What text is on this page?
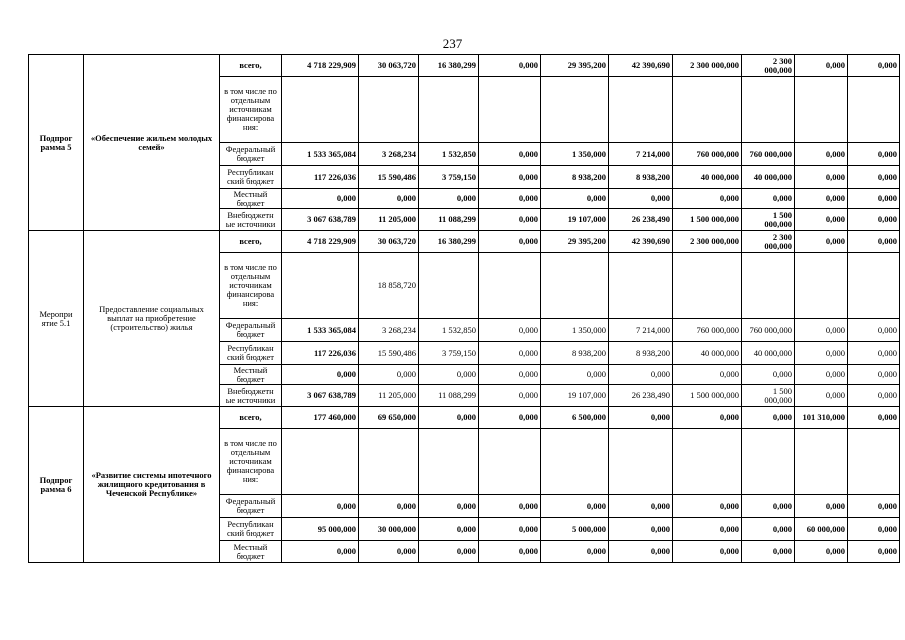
237
Подпрог рамма 5	«Обеспечение жильем молодых семей»	всего,	4 718 229,909	30 063,720	16 380,299	0,000	29 395,200	42 390,690	2 300 000,000	2 300 000,000	0,000	0,000
		в том числе по отдельным источникам финансирова ния:										
		Федеральный бюджет	1 533 365,084	3 268,234	1 532,850	0,000	1 350,000	7 214,000	760 000,000	760 000,000	0,000	0,000
		Республикан ский бюджет	117 226,036	15 590,486	3 759,150	0,000	8 938,200	8 938,200	40 000,000	40 000,000	0,000	0,000
		Местный бюджет	0,000	0,000	0,000	0,000	0,000	0,000	0,000	0,000	0,000	0,000
		Внебюджетн ые источники	3 067 638,789	11 205,000	11 088,299	0,000	19 107,000	26 238,490	1 500 000,000	1 500 000,000	0,000	0,000
Меропри ятие 5.1	Предоставление социальных выплат на приобретение (строительство) жилья	всего,	4 718 229,909	30 063,720	16 380,299	0,000	29 395,200	42 390,690	2 300 000,000	2 300 000,000	0,000	0,000
		в том числе по отдельным источникам финансирова ния:		18 858,720								
		Федеральный бюджет	1 533 365,084	3 268,234	1 532,850	0,000	1 350,000	7 214,000	760 000,000	760 000,000	0,000	0,000
		Республикан ский бюджет	117 226,036	15 590,486	3 759,150	0,000	8 938,200	8 938,200	40 000,000	40 000,000	0,000	0,000
		Местный бюджет	0,000	0,000	0,000	0,000	0,000	0,000	0,000	0,000	0,000	0,000
		Внебюджетн ые источники	3 067 638,789	11 205,000	11 088,299	0,000	19 107,000	26 238,490	1 500 000,000	1 500 000,000	0,000	0,000
Подпрог рамма 6	«Развитие системы ипотечного жилищного кредитования в Чеченской Республике»	всего,	177 460,000	69 650,000	0,000	0,000	6 500,000	0,000	0,000	0,000	101 310,000	0,000
		в том числе по отдельным источникам финансирова ния:										
		Федеральный бюджет	0,000	0,000	0,000	0,000	0,000	0,000	0,000	0,000	0,000	0,000
		Республикан ский бюджет	95 000,000	30 000,000	0,000	0,000	5 000,000	0,000	0,000	0,000	60 000,000	0,000
		Местный бюджет	0,000	0,000	0,000	0,000	0,000	0,000	0,000	0,000	0,000	0,000
